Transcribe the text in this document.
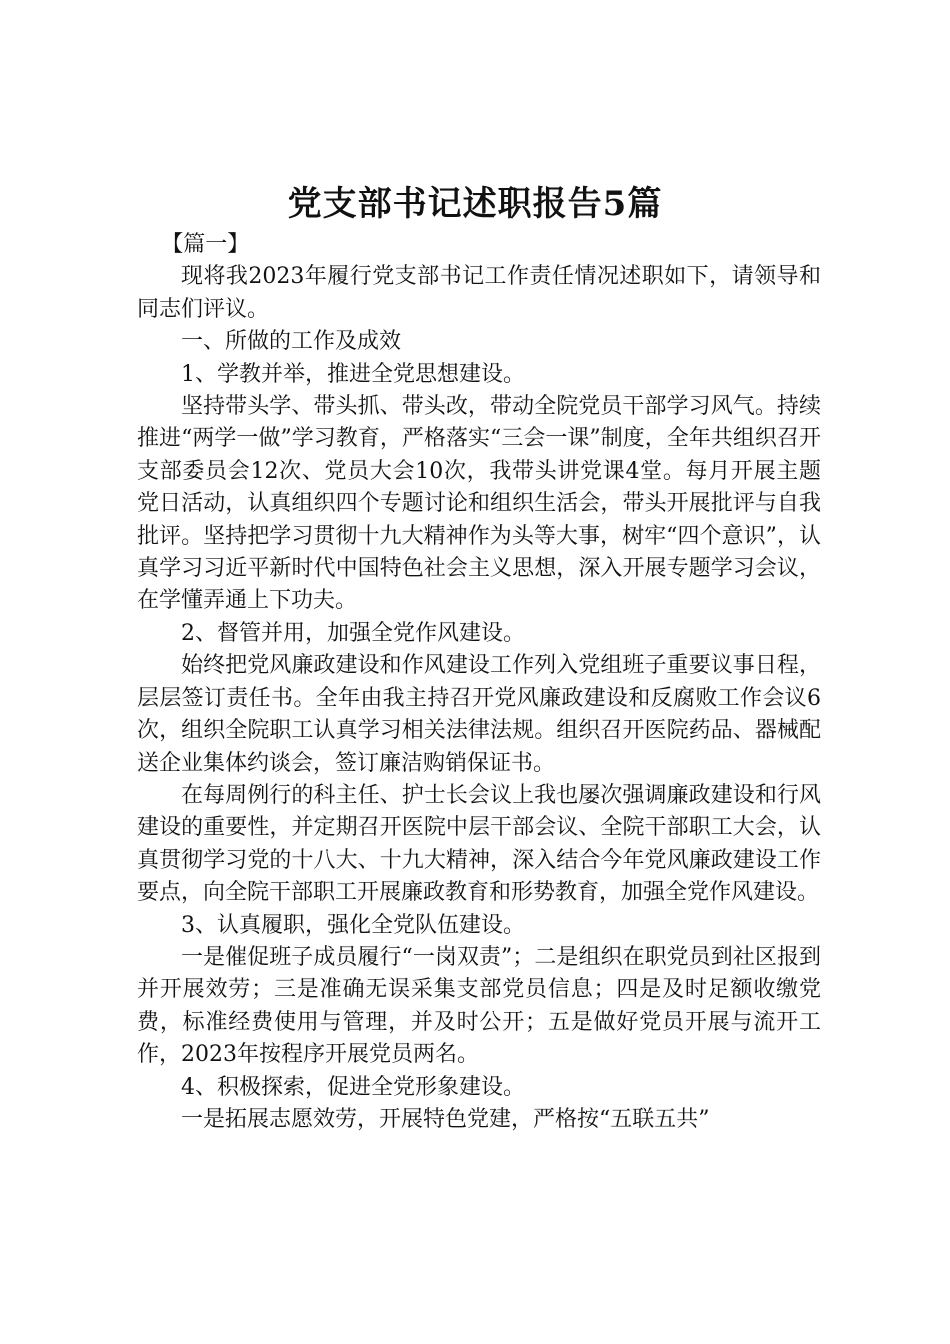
党支部书记述职报告5篇

【篇一】

现将我2023年履行党支部书记工作责任情况述职如下，请领导和同志们评议。

一、所做的工作及成效

1、学教并举，推进全党思想建设。

坚持带头学、带头抓、带头改，带动全院党员干部学习风气。持续推进“两学一做”学习教育，严格落实“三会一课”制度，全年共组织召开支部委员会12次、党员大会10次，我带头讲党课4堂。每月开展主题党日活动，认真组织四个专题讨论和组织生活会，带头开展批评与自我批评。坚持把学习贯彻十九大精神作为头等大事，树牢“四个意识”，认真学习习近平新时代中国特色社会主义思想，深入开展专题学习会议，在学懂弄通上下功夫。

2、督管并用，加强全党作风建设。

始终把党风廉政建设和作风建设工作列入党组班子重要议事日程，层层签订责任书。全年由我主持召开党风廉政建设和反腐败工作会议6次，组织全院职工认真学习相关法律法规。组织召开医院药品、器械配送企业集体约谈会，签订廉洁购销保证书。

在每周例行的科主任、护士长会议上我也屡次强调廉政建设和行风建设的重要性，并定期召开医院中层干部会议、全院干部职工大会，认真贯彻学习党的十八大、十九大精神，深入结合今年党风廉政建设工作要点，向全院干部职工开展廉政教育和形势教育，加强全党作风建设。

3、认真履职，强化全党队伍建设。

一是催促班子成员履行“一岗双责”；二是组织在职党员到社区报到并开展效劳；三是准确无误采集支部党员信息；四是及时足额收缴党费，标准经费使用与管理，并及时公开；五是做好党员开展与流开工作，2023年按程序开展党员两名。

4、积极探索，促进全党形象建设。

一是拓展志愿效劳，开展特色党建，严格按“五联五共”
